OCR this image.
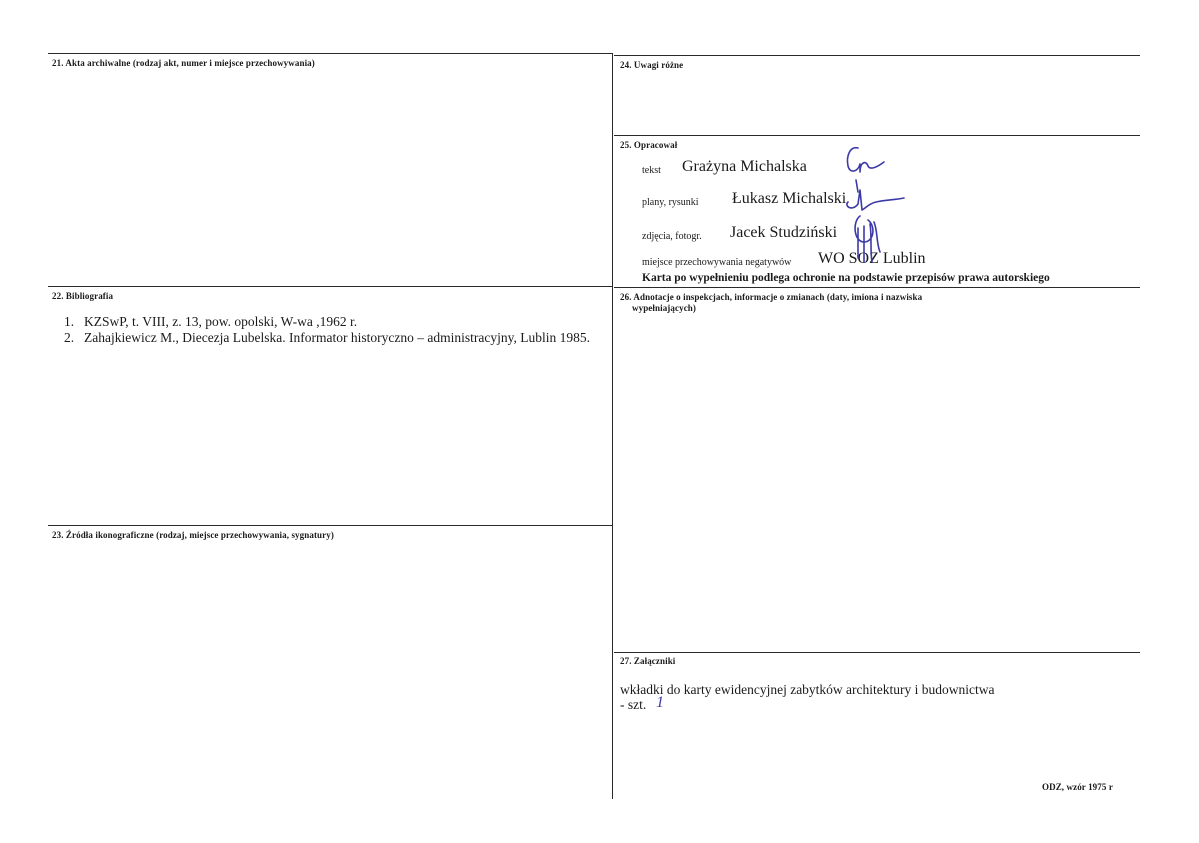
21. Akta archiwalne (rodzaj akt, numer i miejsce przechowywania)
22. Bibliografia
1. KZSwP, t. VIII, z. 13, pow. opolski, W-wa ,1962 r.
2. Zahajkiewicz M., Diecezja Lubelska. Informator historyczno – administracyjny, Lublin 1985.
23. Źródła ikonograficzne (rodzaj, miejsce przechowywania, sygnatury)
24. Uwagi różne
25. Opracował
tekst Grażyna Michalska
plany, rysunki Łukasz Michalski
zdjęcia, fotogr. Jacek Studziński
miejsce przechowywania negatywów WO SOZ Lublin
Karta po wypełnieniu podlega ochronie na podstawie przepisów prawa autorskiego
26. Adnotacje o inspekcjach, informacje o zmianach (daty, imiona i nazwiska
wypełniających)
27. Załączniki
wkładki do karty ewidencyjnej zabytków architektury i budownictwa
- szt. 1
ODZ, wzór 1975 r
